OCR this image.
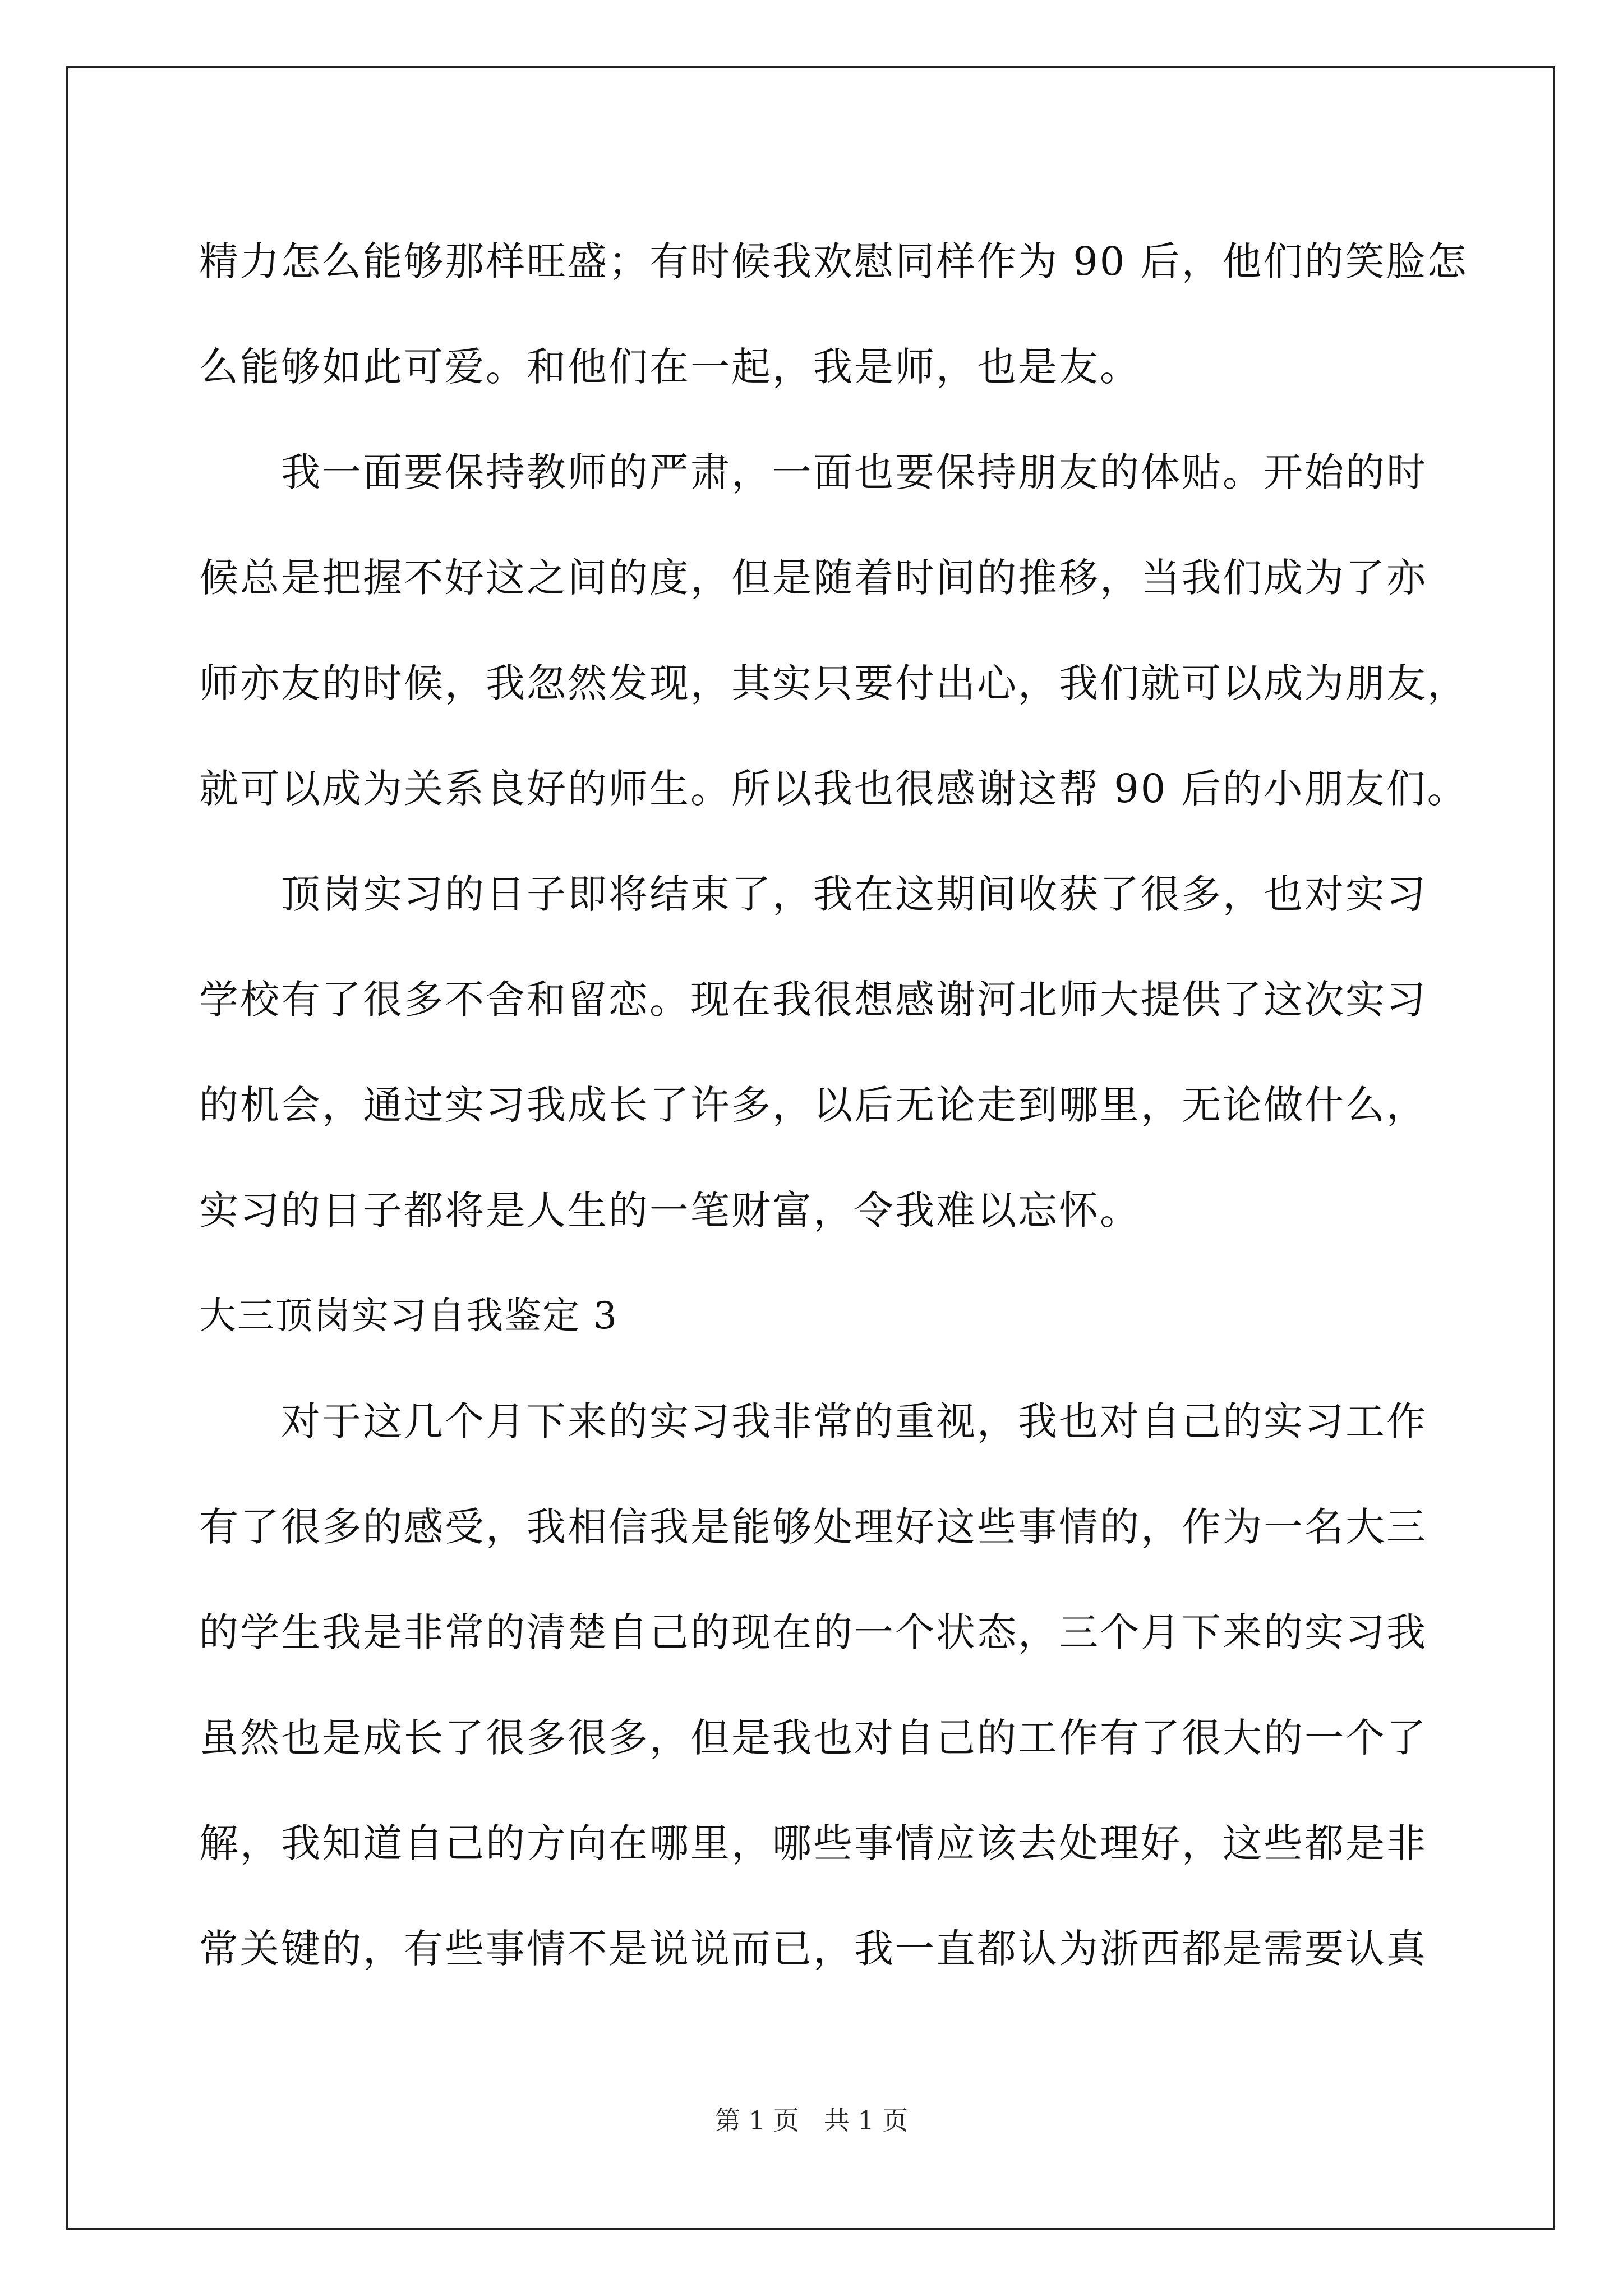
精力怎么能够那样旺盛；有时候我欢慰同样作为 90 后，他们的笑脸怎
么能够如此可爱。和他们在一起，我是师，也是友。
　　我一面要保持教师的严肃，一面也要保持朋友的体贴。开始的时
候总是把握不好这之间的度，但是随着时间的推移，当我们成为了亦
师亦友的时候，我忽然发现，其实只要付出心，我们就可以成为朋友，
就可以成为关系良好的师生。所以我也很感谢这帮 90 后的小朋友们。
　　顶岗实习的日子即将结束了，我在这期间收获了很多，也对实习
学校有了很多不舍和留恋。现在我很想感谢河北师大提供了这次实习
的机会，通过实习我成长了许多，以后无论走到哪里，无论做什么，
实习的日子都将是人生的一笔财富，令我难以忘怀。
大三顶岗实习自我鉴定 3
　　对于这几个月下来的实习我非常的重视，我也对自己的实习工作
有了很多的感受，我相信我是能够处理好这些事情的，作为一名大三
的学生我是非常的清楚自己的现在的一个状态，三个月下来的实习我
虽然也是成长了很多很多，但是我也对自己的工作有了很大的一个了
解，我知道自己的方向在哪里，哪些事情应该去处理好，这些都是非
常关键的，有些事情不是说说而已，我一直都认为浙西都是需要认真
第 1 页   共 1 页
